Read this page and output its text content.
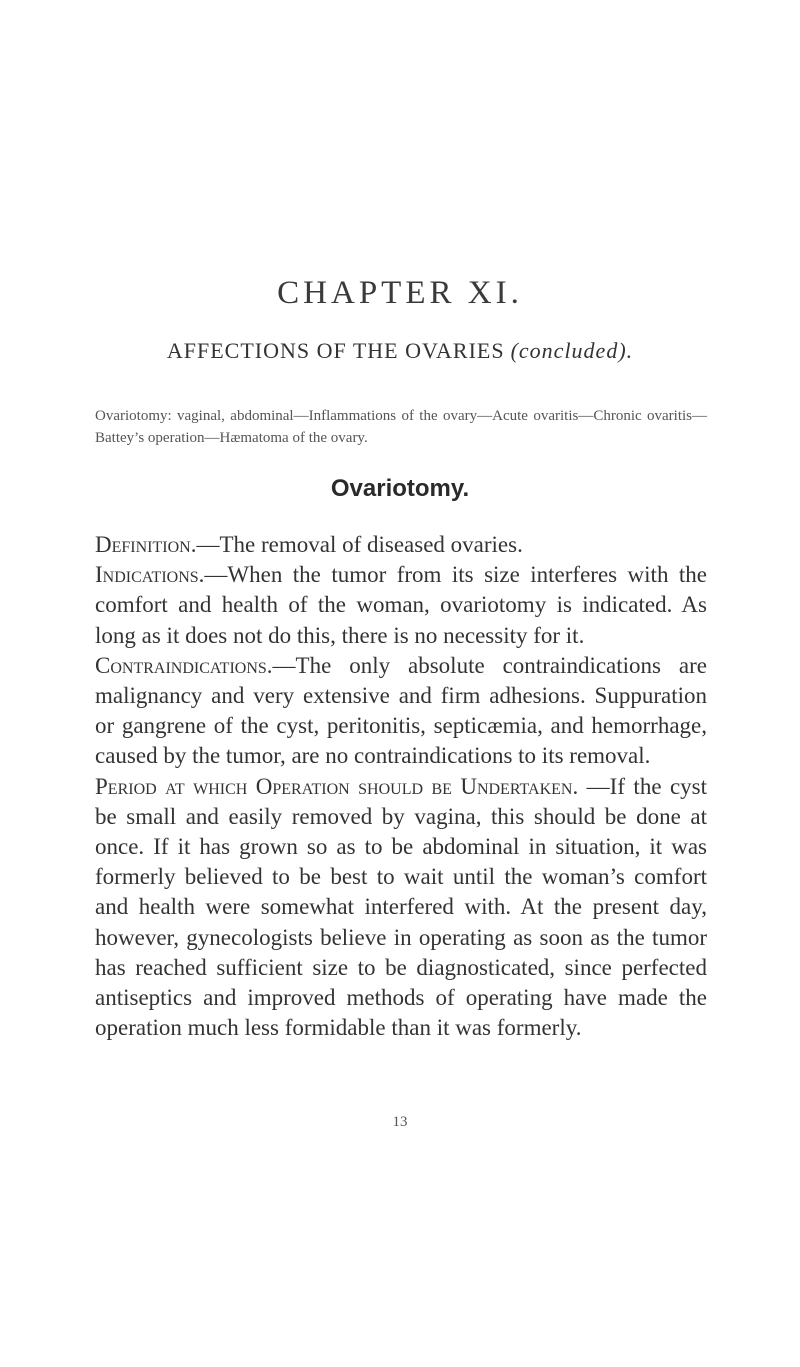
CHAPTER XI.
AFFECTIONS OF THE OVARIES (concluded).
Ovariotomy: vaginal, abdominal—Inflammations of the ovary—Acute ovaritis—Chronic ovaritis—Battey’s operation—Hæmatoma of the ovary.
Ovariotomy.

Definition.—The removal of diseased ovaries.

Indications.—When the tumor from its size interferes with the comfort and health of the woman, ovariotomy is indicated. As long as it does not do this, there is no necessity for it.

Contraindications.—The only absolute contraindications are malignancy and very extensive and firm adhesions. Suppuration or gangrene of the cyst, peritonitis, septicæmia, and hemorrhage, caused by the tumor, are no contraindications to its removal.

Period at which Operation should be Undertaken. —If the cyst be small and easily removed by vagina, this should be done at once. If it has grown so as to be abdominal in situation, it was formerly believed to be best to wait until the woman’s comfort and health were somewhat interfered with. At the present day, however, gynecologists believe in operating as soon as the tumor has reached sufficient size to be diagnosticated, since perfected antiseptics and improved methods of operating have made the operation much less formidable than it was formerly.

13
